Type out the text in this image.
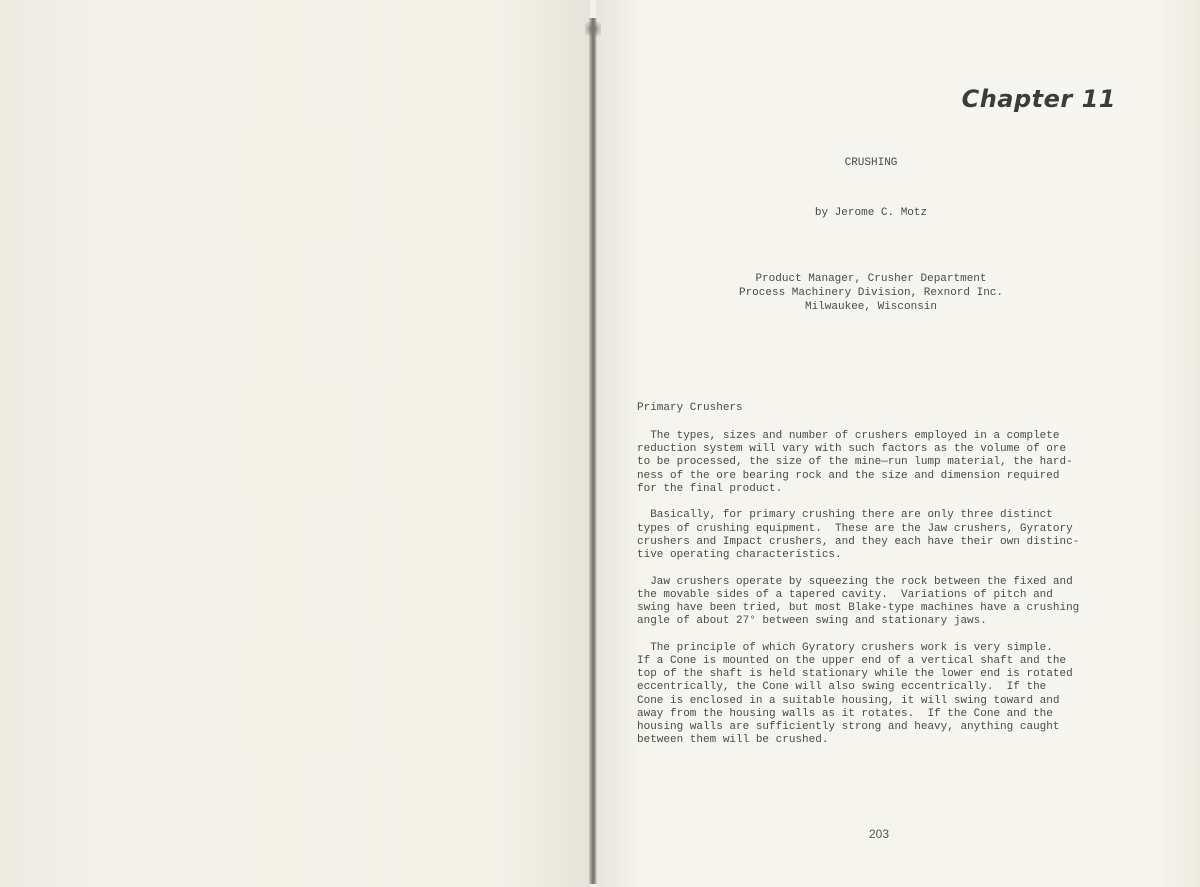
Chapter 11
CRUSHING
by Jerome C. Motz
Product Manager, Crusher Department
Process Machinery Division, Rexnord Inc.
Milwaukee, Wisconsin
Primary Crushers

The types, sizes and number of crushers employed in a complete
reduction system will vary with such factors as the volume of ore
to be processed, the size of the mine—run lump material, the hard-
ness of the ore bearing rock and the size and dimension required
for the final product.

Basically, for primary crushing there are only three distinct
types of crushing equipment.  These are the Jaw crushers, Gyratory
crushers and Impact crushers, and they each have their own distinc-
tive operating characteristics.

Jaw crushers operate by squeezing the rock between the fixed and
the movable sides of a tapered cavity.  Variations of pitch and
swing have been tried, but most Blake-type machines have a crushing
angle of about 27° between swing and stationary jaws.

The principle of which Gyratory crushers work is very simple.
If a Cone is mounted on the upper end of a vertical shaft and the
top of the shaft is held stationary while the lower end is rotated
eccentrically, the Cone will also swing eccentrically.  If the
Cone is enclosed in a suitable housing, it will swing toward and
away from the housing walls as it rotates.  If the Cone and the
housing walls are sufficiently strong and heavy, anything caught
between them will be crushed.

203
